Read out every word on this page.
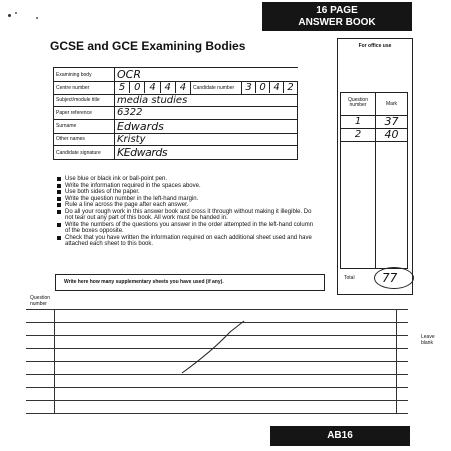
16 PAGE
ANSWER BOOK
GCSE and GCE Examining Bodies	For office use
Question number	Mark
1	37
2	40
Total	77
Examining body	OCR		
Centre number	5 0 4 4 4	Candidate number	3 0 4 2

Subject/module title	media studies		
Paper reference	6322		
Surname	Edwards		
Other names	Kristy		
Candidate signature	KEdwards		
Use blue or black ink or ball-point pen.
Write the information required in the spaces above.
Use both sides of the paper.
Write the question number in the left-hand margin.
Rule a line across the page after each answer.
Do all your rough work in this answer book and cross it through without making it illegible. Do not tear out any part of this book. All work must be handed in.
Write the numbers of the questions you answer in the order attempted in the left-hand column of the boxes opposite.
Check that you have written the information required on each additional sheet used and have attached each sheet to this book.
Write here how many supplementary sheets you have used (if any).
Question number
Leave blank
AB16
